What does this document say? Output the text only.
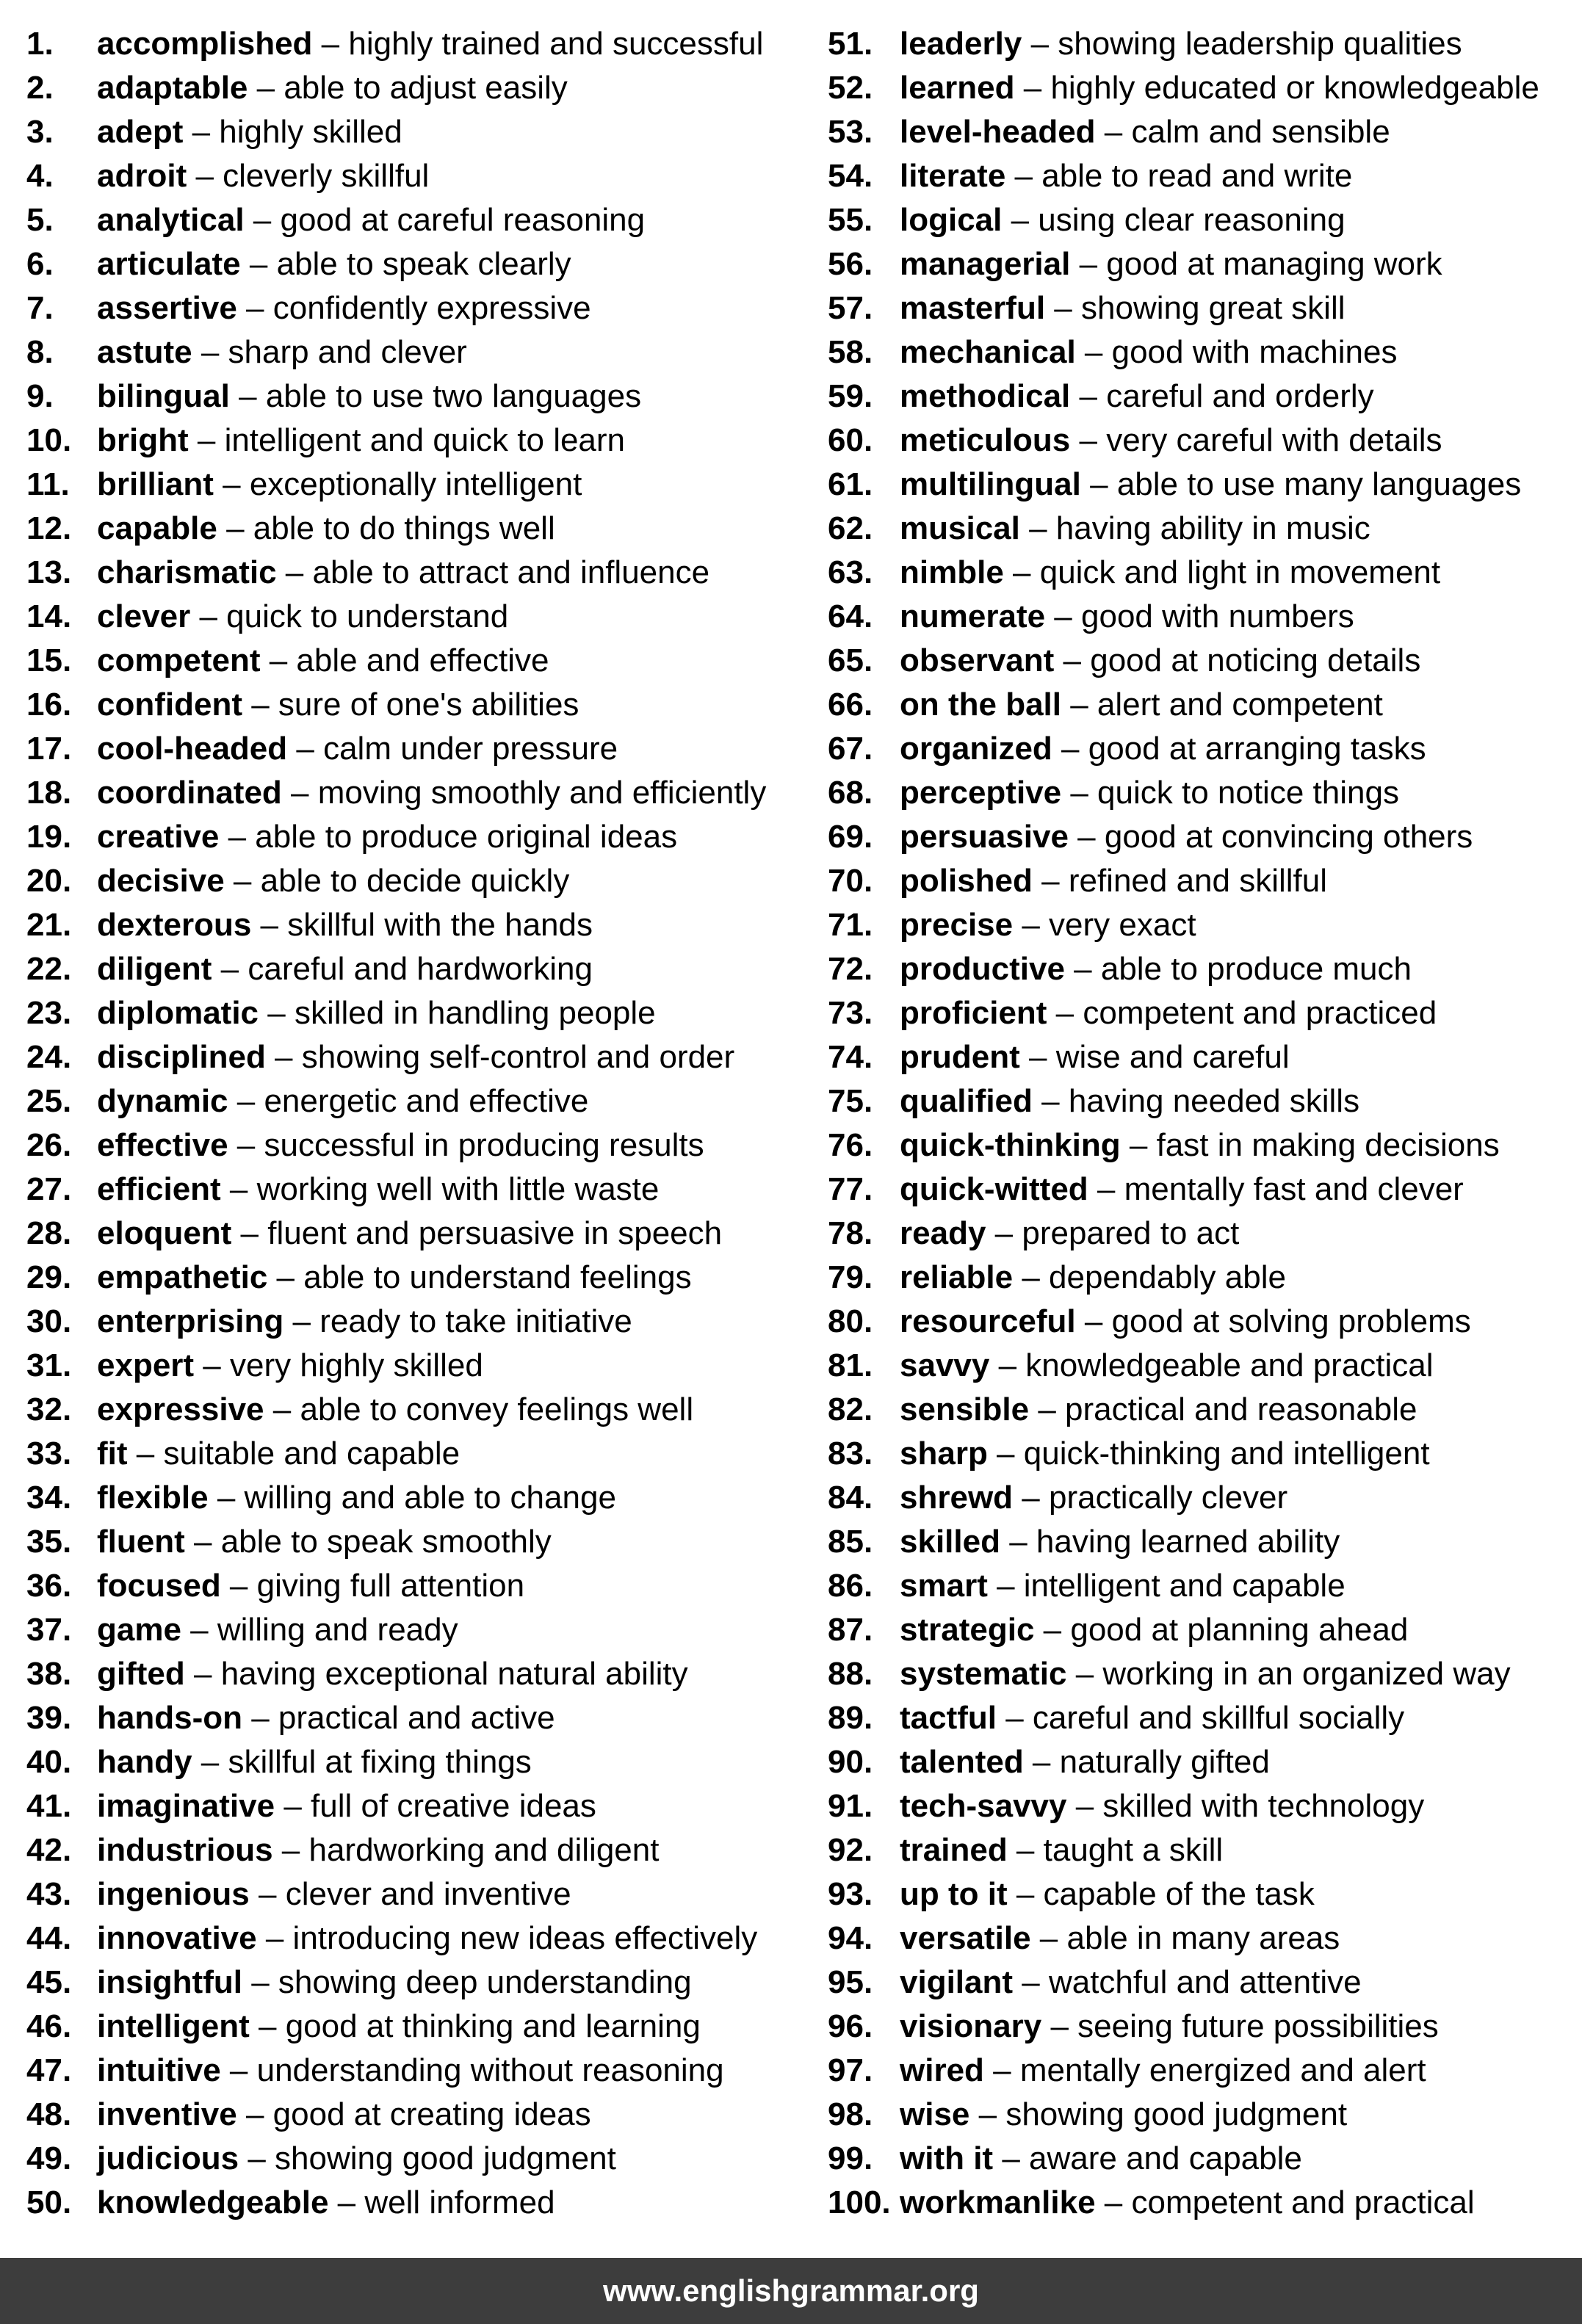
1. accomplished – highly trained and successful
2. adaptable – able to adjust easily
3. adept – highly skilled
4. adroit – cleverly skillful
5. analytical – good at careful reasoning
6. articulate – able to speak clearly
7. assertive – confidently expressive
8. astute – sharp and clever
9. bilingual – able to use two languages
10. bright – intelligent and quick to learn
11. brilliant – exceptionally intelligent
12. capable – able to do things well
13. charismatic – able to attract and influence
14. clever – quick to understand
15. competent – able and effective
16. confident – sure of one's abilities
17. cool-headed – calm under pressure
18. coordinated – moving smoothly and efficiently
19. creative – able to produce original ideas
20. decisive – able to decide quickly
21. dexterous – skillful with the hands
22. diligent – careful and hardworking
23. diplomatic – skilled in handling people
24. disciplined – showing self-control and order
25. dynamic – energetic and effective
26. effective – successful in producing results
27. efficient – working well with little waste
28. eloquent – fluent and persuasive in speech
29. empathetic – able to understand feelings
30. enterprising – ready to take initiative
31. expert – very highly skilled
32. expressive – able to convey feelings well
33. fit – suitable and capable
34. flexible – willing and able to change
35. fluent – able to speak smoothly
36. focused – giving full attention
37. game – willing and ready
38. gifted – having exceptional natural ability
39. hands-on – practical and active
40. handy – skillful at fixing things
41. imaginative – full of creative ideas
42. industrious – hardworking and diligent
43. ingenious – clever and inventive
44. innovative – introducing new ideas effectively
45. insightful – showing deep understanding
46. intelligent – good at thinking and learning
47. intuitive – understanding without reasoning
48. inventive – good at creating ideas
49. judicious – showing good judgment
50. knowledgeable – well informed
51. leaderly – showing leadership qualities
52. learned – highly educated or knowledgeable
53. level-headed – calm and sensible
54. literate – able to read and write
55. logical – using clear reasoning
56. managerial – good at managing work
57. masterful – showing great skill
58. mechanical – good with machines
59. methodical – careful and orderly
60. meticulous – very careful with details
61. multilingual – able to use many languages
62. musical – having ability in music
63. nimble – quick and light in movement
64. numerate – good with numbers
65. observant – good at noticing details
66. on the ball – alert and competent
67. organized – good at arranging tasks
68. perceptive – quick to notice things
69. persuasive – good at convincing others
70. polished – refined and skillful
71. precise – very exact
72. productive – able to produce much
73. proficient – competent and practiced
74. prudent – wise and careful
75. qualified – having needed skills
76. quick-thinking – fast in making decisions
77. quick-witted – mentally fast and clever
78. ready – prepared to act
79. reliable – dependably able
80. resourceful – good at solving problems
81. savvy – knowledgeable and practical
82. sensible – practical and reasonable
83. sharp – quick-thinking and intelligent
84. shrewd – practically clever
85. skilled – having learned ability
86. smart – intelligent and capable
87. strategic – good at planning ahead
88. systematic – working in an organized way
89. tactful – careful and skillful socially
90. talented – naturally gifted
91. tech-savvy – skilled with technology
92. trained – taught a skill
93. up to it – capable of the task
94. versatile – able in many areas
95. vigilant – watchful and attentive
96. visionary – seeing future possibilities
97. wired – mentally energized and alert
98. wise – showing good judgment
99. with it – aware and capable
100. workmanlike – competent and practical
www.englishgrammar.org
